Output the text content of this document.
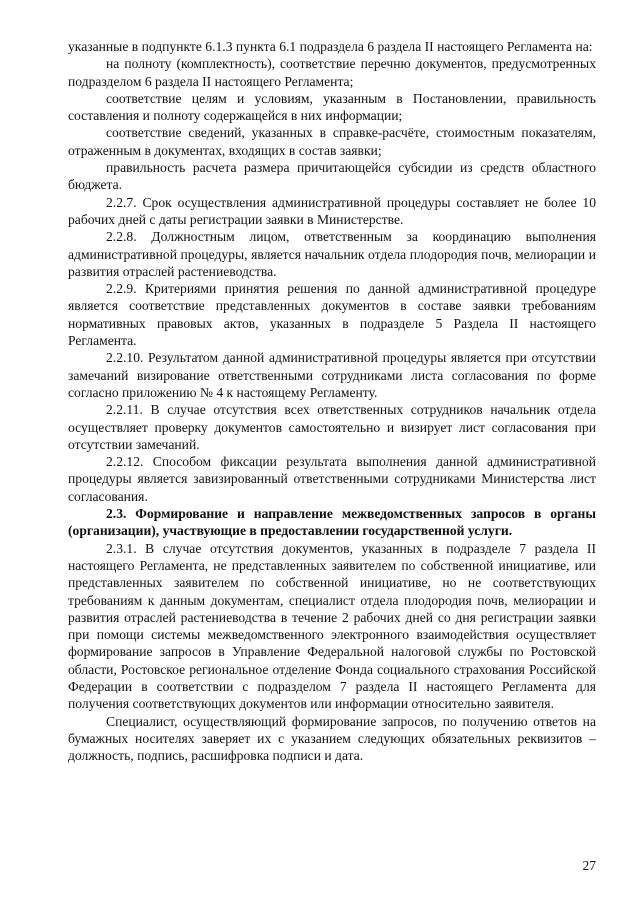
указанные в подпункте 6.1.3 пункта 6.1 подраздела 6 раздела II настоящего Регламента на:

на полноту (комплектность), соответствие перечню документов, предусмотренных подразделом 6 раздела II настоящего Регламента;

соответствие целям и условиям, указанным в Постановлении, правильность составления и полноту содержащейся в них информации;

соответствие сведений, указанных в справке-расчёте, стоимостным показателям, отраженным в документах, входящих в состав заявки;

правильность расчета размера причитающейся субсидии из средств областного бюджета.

2.2.7. Срок осуществления административной процедуры составляет не более 10 рабочих дней с даты регистрации заявки в Министерстве.

2.2.8. Должностным лицом, ответственным за координацию выполнения административной процедуры, является начальник отдела плодородия почв, мелиорации и развития отраслей растениеводства.

2.2.9. Критериями принятия решения по данной административной процедуре является соответствие представленных документов в составе заявки требованиям нормативных правовых актов, указанных в подразделе 5 Раздела II настоящего Регламента.

2.2.10. Результатом данной административной процедуры является при отсутствии замечаний визирование ответственными сотрудниками листа согласования по форме согласно приложению № 4 к настоящему Регламенту.

2.2.11. В случае отсутствия всех ответственных сотрудников начальник отдела осуществляет проверку документов самостоятельно и визирует лист согласования при отсутствии замечаний.

2.2.12. Способом фиксации результата выполнения данной административной процедуры является завизированный ответственными сотрудниками Министерства лист согласования.

2.3. Формирование и направление межведомственных запросов в органы (организации), участвующие в предоставлении государственной услуги.

2.3.1. В случае отсутствия документов, указанных в подразделе 7 раздела II настоящего Регламента, не представленных заявителем по собственной инициативе, или представленных заявителем по собственной инициативе, но не соответствующих требованиям к данным документам, специалист отдела плодородия почв, мелиорации и развития отраслей растениеводства в течение 2 рабочих дней со дня регистрации заявки при помощи системы межведомственного электронного взаимодействия осуществляет формирование запросов в Управление Федеральной налоговой службы по Ростовской области, Ростовское региональное отделение Фонда социального страхования Российской Федерации в соответствии с подразделом 7 раздела II настоящего Регламента для получения соответствующих документов или информации относительно заявителя.

Специалист, осуществляющий формирование запросов, по получению ответов на бумажных носителях заверяет их с указанием следующих обязательных реквизитов – должность, подпись, расшифровка подписи и дата.

27
